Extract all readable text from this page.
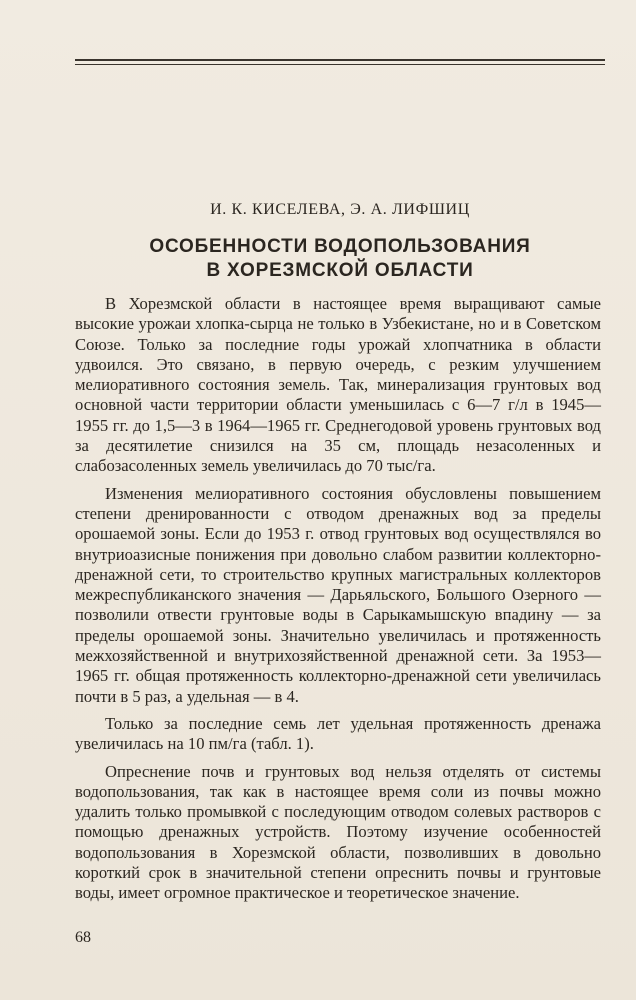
И. К. КИСЕЛЕВА, Э. А. ЛИФШИЦ
ОСОБЕННОСТИ ВОДОПОЛЬЗОВАНИЯ
В ХОРЕЗМСКОЙ ОБЛАСТИ

В Хорезмской области в настоящее время выращивают самые высокие урожаи хлопка-сырца не только в Узбекистане, но и в Советском Союзе. Только за последние годы урожай хлопчатника в области удвоился. Это связано, в первую очередь, с резким улучшением мелиоративного состояния земель. Так, минерализация грунтовых вод основной части территории области уменьшилась с 6—7 г/л в 1945—1955 гг. до 1,5—3 в 1964—1965 гг. Среднегодовой уровень грунтовых вод за десятилетие снизился на 35 см, площадь незасоленных и слабозасоленных земель увеличилась до 70 тыс/га.

Изменения мелиоративного состояния обусловлены повышением степени дренированности с отводом дренажных вод за пределы орошаемой зоны. Если до 1953 г. отвод грунтовых вод осуществлялся во внутриоазисные понижения при довольно слабом развитии коллекторно-дренажной сети, то строительство крупных магистральных коллекторов межреспубликанского значения — Дарьяльского, Большого Озерного — позволили отвести грунтовые воды в Сарыкамышскую впадину — за пределы орошаемой зоны. Значительно увеличилась и протяженность межхозяйственной и внутрихозяйственной дренажной сети. За 1953—1965 гг. общая протяженность коллекторно-дренажной сети увеличилась почти в 5 раз, а удельная — в 4.

Только за последние семь лет удельная протяженность дренажа увеличилась на 10 пм/га (табл. 1).

Опреснение почв и грунтовых вод нельзя отделять от системы водопользования, так как в настоящее время соли из почвы можно удалить только промывкой с последующим отводом солевых растворов с помощью дренажных устройств. Поэтому изучение особенностей водопользования в Хорезмской области, позволивших в довольно короткий срок в значительной степени опреснить почвы и грунтовые воды, имеет огромное практическое и теоретическое значение.

68
